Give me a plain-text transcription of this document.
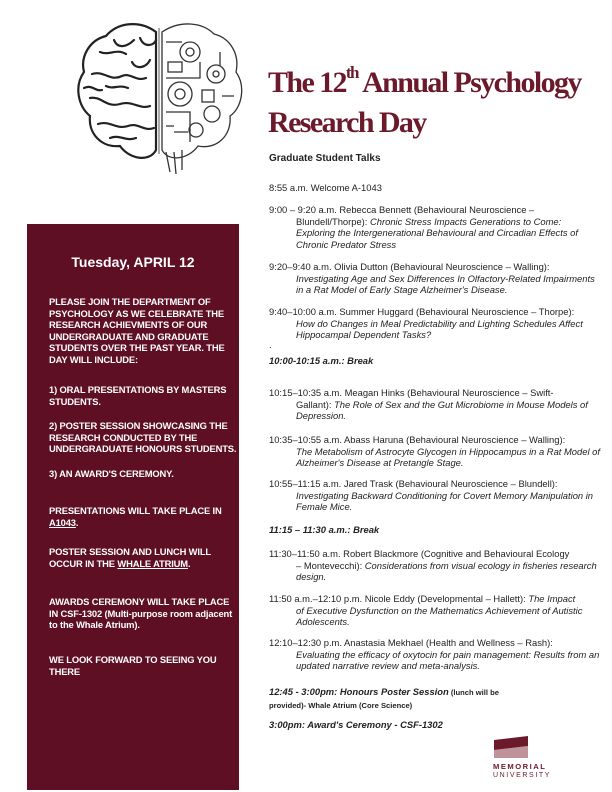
The 12th Annual Psychology Research Day
Tuesday, APRIL 12

PLEASE JOIN THE DEPARTMENT OF PSYCHOLOGY AS WE CELEBRATE THE RESEARCH ACHIEVMENTS OF OUR UNDERGRADUATE AND GRADUATE STUDENTS OVER THE PAST YEAR. THE DAY WILL INCLUDE:

1) ORAL PRESENTATIONS BY MASTERS STUDENTS.

2) POSTER SESSION SHOWCASING THE RESEARCH CONDUCTED BY THE UNDERGRADUATE HONOURS STUDENTS.

3) AN AWARD'S CEREMONY.

PRESENTATIONS WILL TAKE PLACE IN A1043.

POSTER SESSION AND LUNCH WILL OCCUR IN THE WHALE ATRIUM.

AWARDS CEREMONY WILL TAKE PLACE IN CSF-1302 (Multi-purpose room adjacent to the Whale Atrium).

WE LOOK FORWARD TO SEEING YOU THERE

Graduate Student Talks

8:55 a.m. Welcome A-1043

9:00 – 9:20 a.m. Rebecca Bennett (Behavioural Neuroscience –
Blundell/Thorpe): Chronic Stress Impacts Generations to Come: Exploring the Intergenerational Behavioural and Circadian Effects of Chronic Predator Stress

9:20–9:40 a.m. Olivia Dutton (Behavioural Neuroscience – Walling):
Investigating Age and Sex Differences In Olfactory-Related Impairments in a Rat Model of Early Stage Alzheimer's Disease.

9:40–10:00 a.m. Summer Huggard (Behavioural Neuroscience – Thorpe):
How do Changes in Meal Predictability and Lighting Schedules Affect Hippocampal Dependent Tasks?

.

10:00-10:15 a.m.: Break

10:15–10:35 a.m. Meagan Hinks (Behavioural Neuroscience – Swift-
Gallant): The Role of Sex and the Gut Microbiome in Mouse Models of Depression.

10:35–10:55 a.m. Abass Haruna (Behavioural Neuroscience – Walling):
The Metabolism of Astrocyte Glycogen in Hippocampus in a Rat Model of Alzheimer's Disease at Pretangle Stage.

10:55–11:15 a.m. Jared Trask (Behavioural Neuroscience – Blundell):
Investigating Backward Conditioning for Covert Memory Manipulation in Female Mice.

11:15 – 11:30 a.m.: Break

11:30–11:50 a.m. Robert Blackmore (Cognitive and Behavioural Ecology
– Montevecchi): Considerations from visual ecology in fisheries research design.

11:50 a.m.–12:10 p.m. Nicole Eddy (Developmental – Hallett): The Impact
of Executive Dysfunction on the Mathematics Achievement of Autistic Adolescents.

12:10–12:30 p.m. Anastasia Mekhael (Health and Wellness – Rash):
Evaluating the efficacy of oxytocin for pain management: Results from an updated narrative review and meta-analysis.

12:45 - 3:00pm: Honours Poster Session (lunch will be
provided)- Whale Atrium (Core Science)

3:00pm: Award's Ceremony - CSF-1302

MEMORIAL
UNIVERSITY
